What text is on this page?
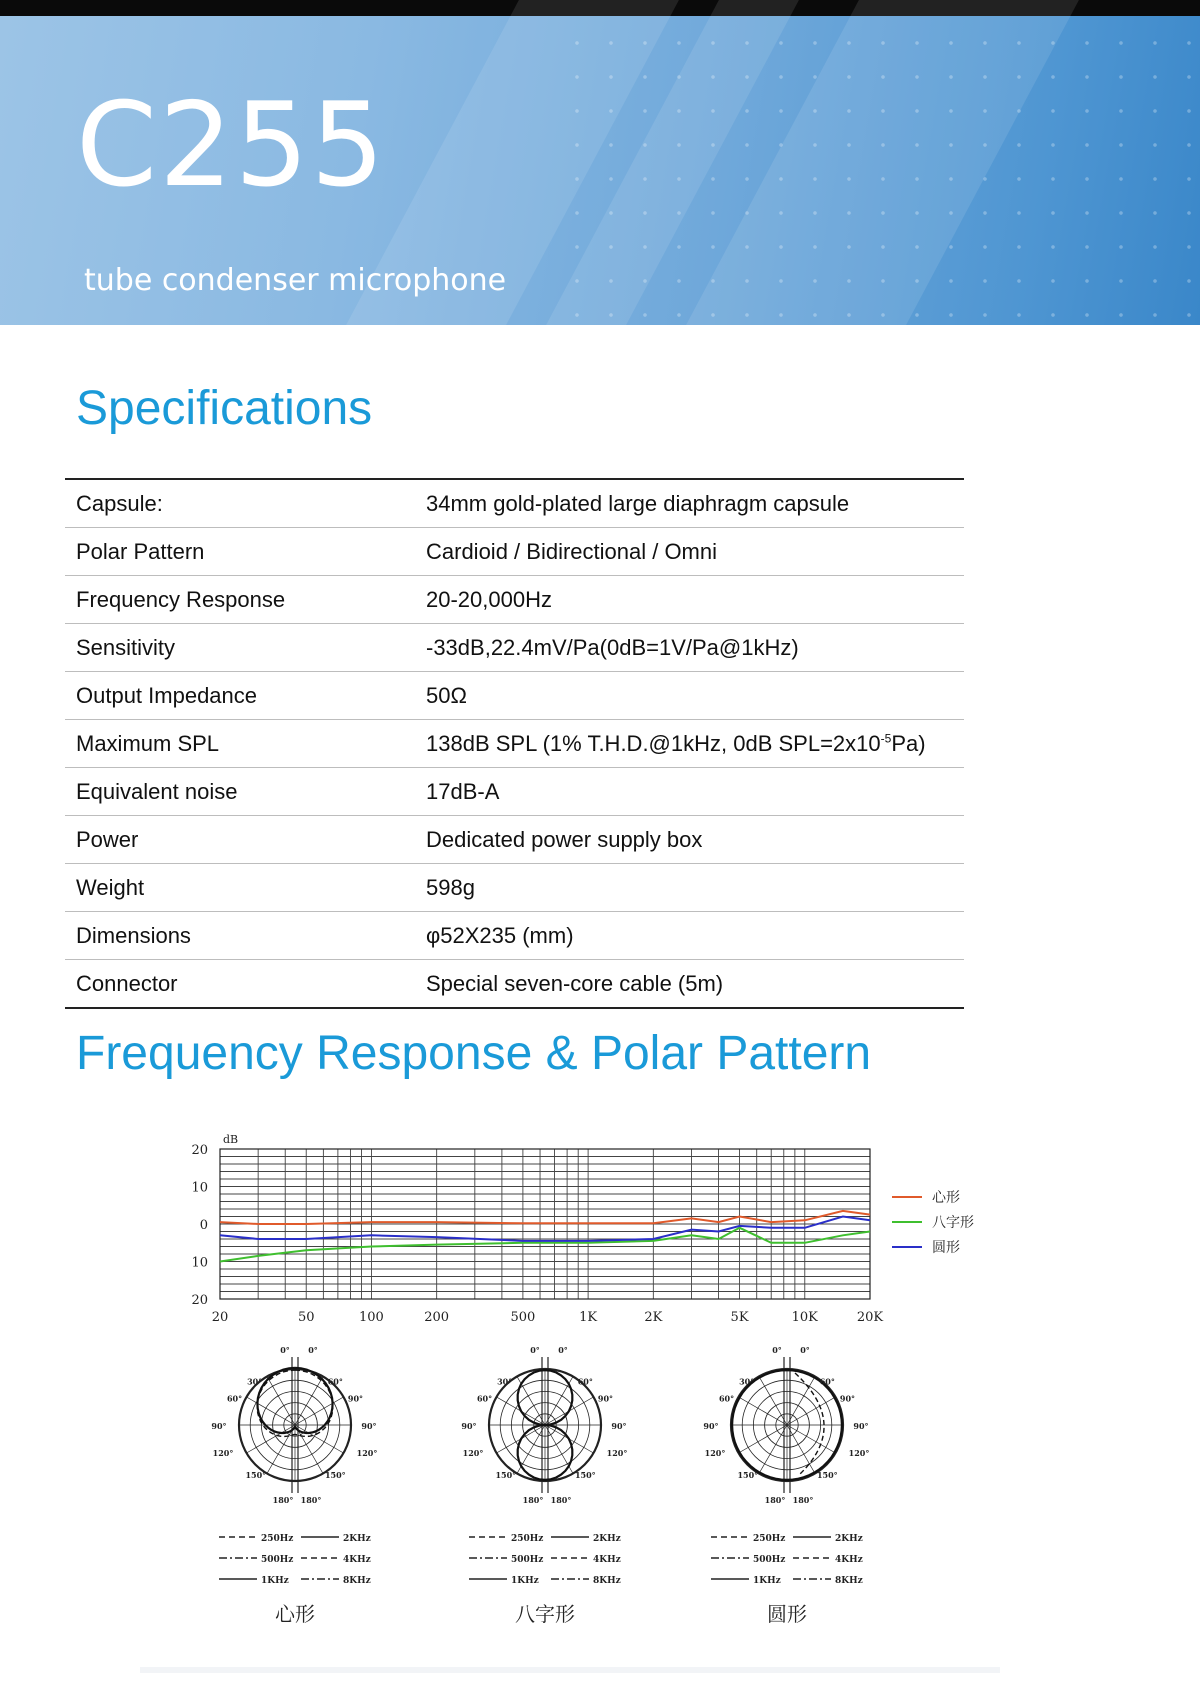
C255
tube condenser microphone
Specifications
Capsule:	34mm gold-plated large diaphragm capsule
Polar Pattern	Cardioid / Bidirectional / Omni
Frequency Response	20-20,000Hz
Sensitivity	-33dB,22.4mV/Pa(0dB=1V/Pa@1kHz)
Output Impedance	50Ω
Maximum SPL	138dB SPL (1% T.H.D.@1kHz, 0dB $SPL=2x10^{-5}Pa$)
Equivalent noise	17dB-A
Power	Dedicated power supply box
Weight	598g
Dimensions	φ52X235 (mm)
Connector	Special seven-core cable (5m)
Frequency Response & Polar Pattern
20
10
0
10
20
dB
20	50	100	200	500	1K	2K	5K	10K	20K
心形
八字形
圆形
0° 0°
30°	60°
60°	90°
90°	90°
120°	120°
150°	150°
180° 180°
250Hz	2KHz
500Hz	4KHz
1KHz	8KHz
心形
0° 0°
30°	60°
60°	90°
90°	90°
120°	120°
150°	150°
180° 180°
250Hz	2KHz
500Hz	4KHz
1KHz	8KHz
八字形
0° 0°
30°	60°
60°	90°
90°	90°
120°	120°
150°	150°
180° 180°
250Hz	2KHz
500Hz	4KHz
1KHz	8KHz
圆形
